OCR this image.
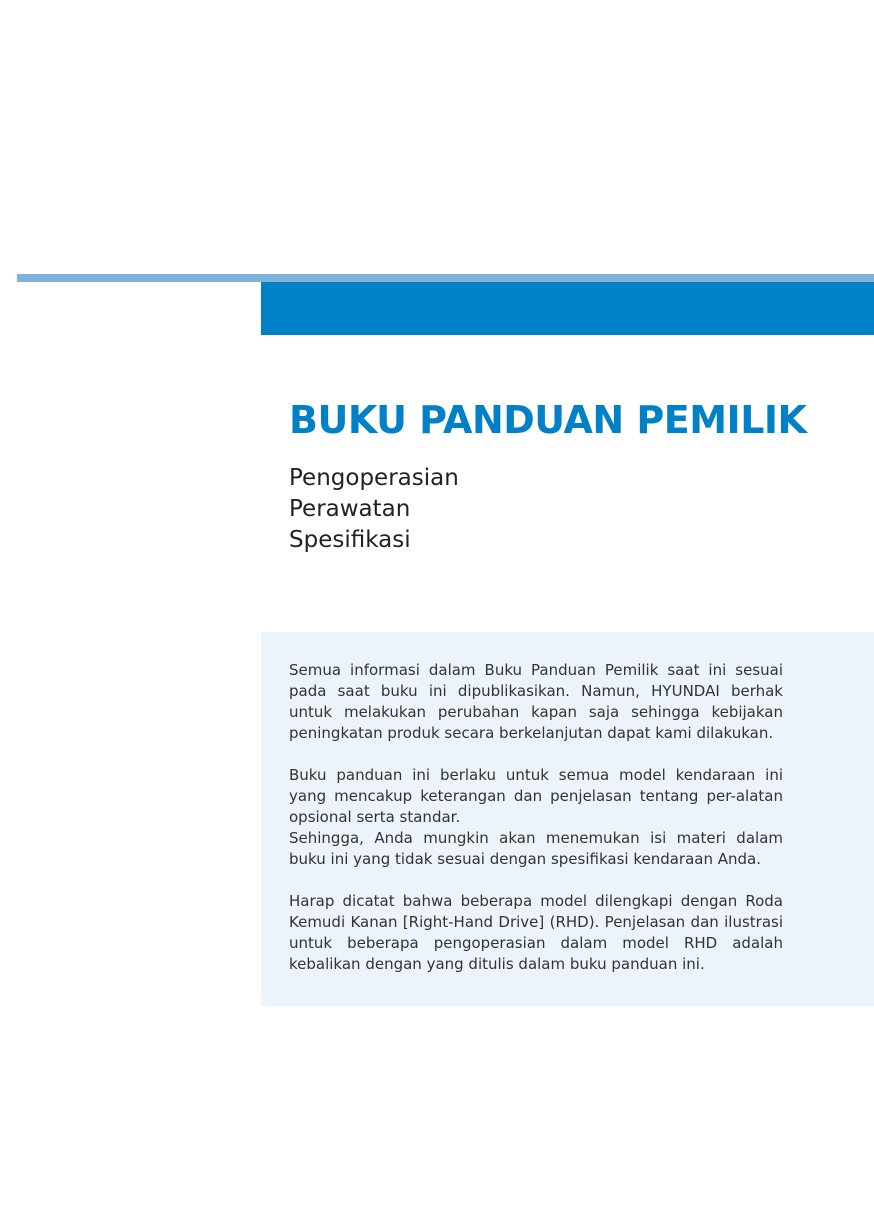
BUKU PANDUAN PEMILIK
Pengoperasian
Perawatan
Spesifikasi

Semua informasi dalam Buku Panduan Pemilik saat ini sesuai pada saat buku ini dipublikasikan. Namun, HYUNDAI berhak untuk melakukan perubahan kapan saja sehingga kebijakan peningkatan produk secara berkelanjutan dapat kami dilakukan.

Buku panduan ini berlaku untuk semua model kendaraan ini yang mencakup keterangan dan penjelasan tentang per-alatan opsional serta standar.

Sehingga, Anda mungkin akan menemukan isi materi dalam buku ini yang tidak sesuai dengan spesifikasi kendaraan Anda.

Harap dicatat bahwa beberapa model dilengkapi dengan Roda Kemudi Kanan [Right-Hand Drive] (RHD). Penjelasan dan ilustrasi untuk beberapa pengoperasian dalam model RHD adalah kebalikan dengan yang ditulis dalam buku panduan ini.
